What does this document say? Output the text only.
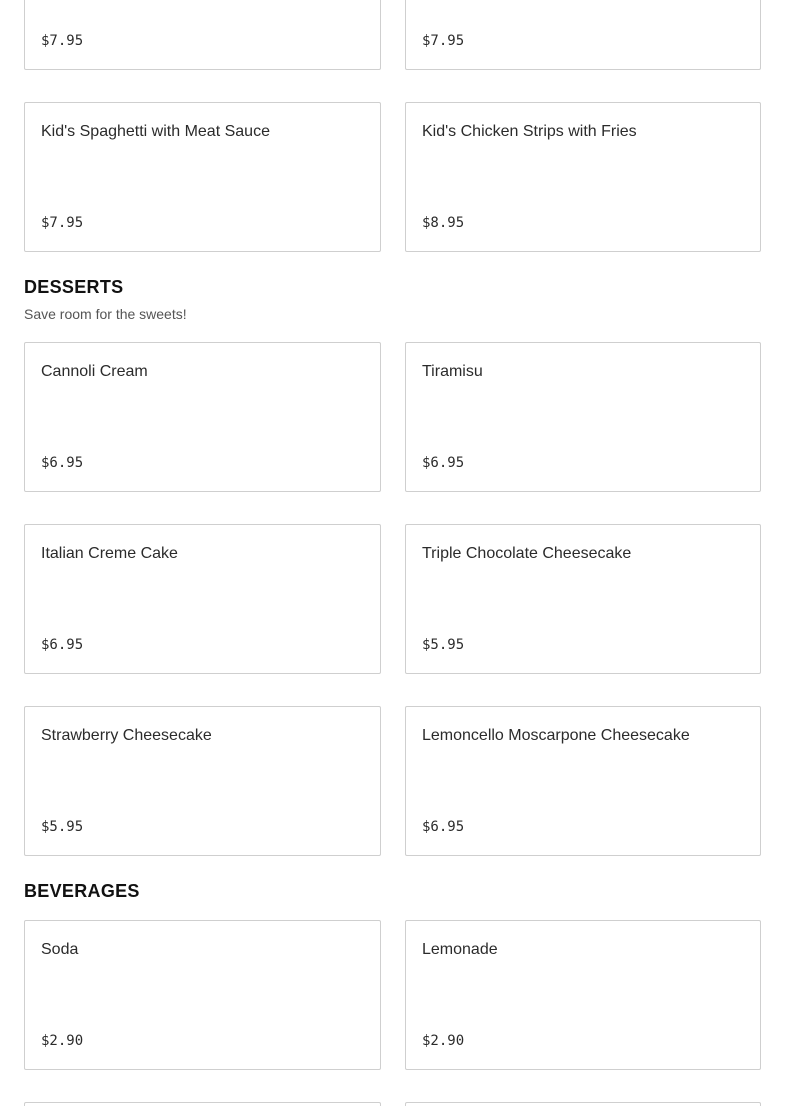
$7.95	$7.95
Kid's Spaghetti with Meat Sauce
$7.95
Kid's Chicken Strips with Fries
$8.95
DESSERTS

Save room for the sweets!

Cannoli Cream
$6.95
Tiramisu
$6.95
Italian Creme Cake
$6.95
Triple Chocolate Cheesecake
$5.95
Strawberry Cheesecake
$5.95
Lemoncello Moscarpone Cheesecake
$6.95
BEVERAGES
Soda
$2.90
Lemonade
$2.90
